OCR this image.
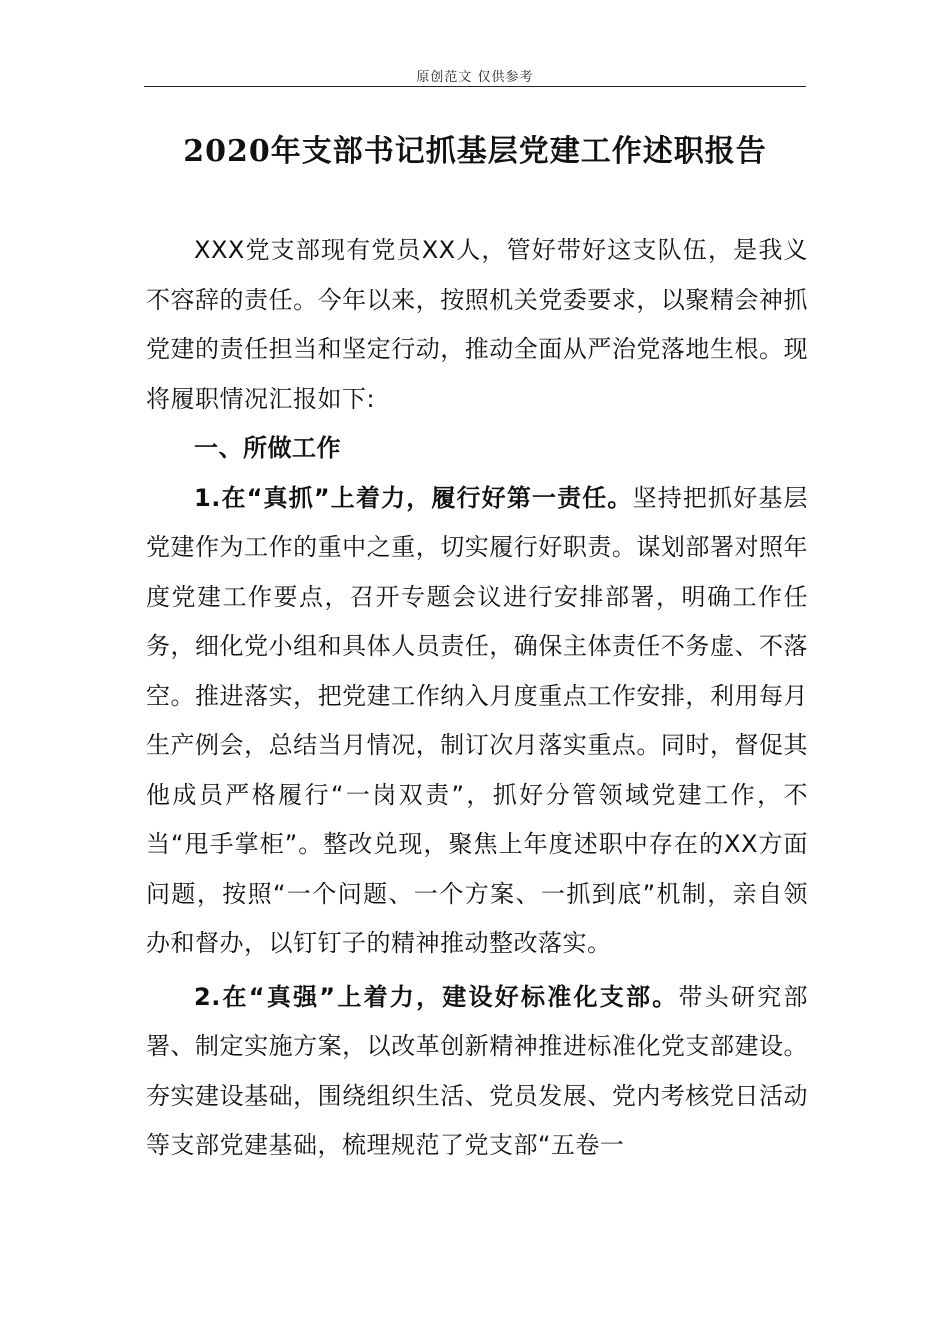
原创范文 仅供参考
2020年支部书记抓基层党建工作述职报告

XXX党支部现有党员XX人，管好带好这支队伍，是我义不容辞的责任。今年以来，按照机关党委要求，以聚精会神抓党建的责任担当和坚定行动，推动全面从严治党落地生根。现将履职情况汇报如下:

一、所做工作

1.在“真抓”上着力，履行好第一责任。坚持把抓好基层党建作为工作的重中之重，切实履行好职责。谋划部署对照年度党建工作要点，召开专题会议进行安排部署，明确工作任务，细化党小组和具体人员责任，确保主体责任不务虚、不落空。推进落实，把党建工作纳入月度重点工作安排，利用每月生产例会，总结当月情况，制订次月落实重点。同时，督促其他成员严格履行“一岗双责”，抓好分管领域党建工作，不当“甩手掌柜”。整改兑现，聚焦上年度述职中存在的XX方面问题，按照“一个问题、一个方案、一抓到底”机制，亲自领办和督办，以钉钉子的精神推动整改落实。

2.在“真强”上着力，建设好标准化支部。带头研究部署、制定实施方案，以改革创新精神推进标准化党支部建设。夯实建设基础，围绕组织生活、党员发展、党内考核党日活动等支部党建基础，梳理规范了党支部“五卷一
